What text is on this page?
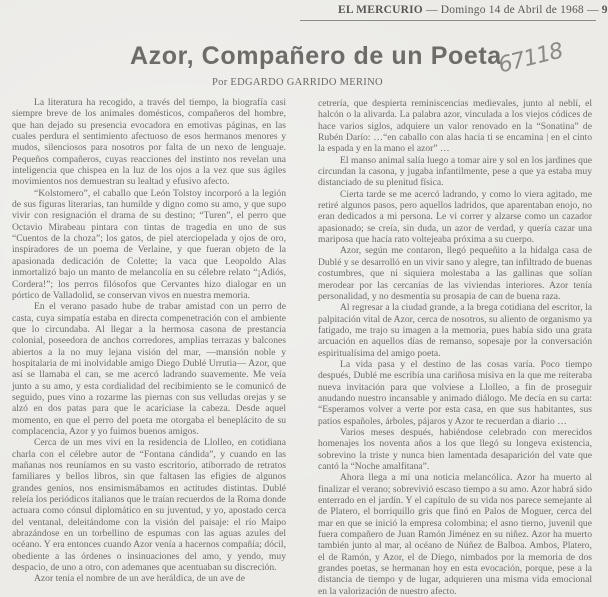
EL MERCURIO — Domingo 14 de Abril de 1968 — 9
Azor, Compañero de un Poeta
67118
Por EDGARDO GARRIDO MERINO

La literatura ha recogido, a través del tiempo, la biografía casi siempre breve de los animales domésticos, compañeros del hombre, que han dejado su presencia evocadora en emotivas páginas, en las cuales perdura el sentimiento afectuoso de esos hermanos menores y mudos, silenciosos para nosotros por falta de un nexo de lenguaje. Pequeños compañeros, cuyas reacciones del instinto nos revelan una inteligencia que chispea en la luz de los ojos a la vez que sus ágiles movimientos nos demuestran su lealtad y efusivo afecto.

“Kolstomero”, el caballo que León Tolstoy incorporó a la legión de sus figuras literarias, tan humilde y digno como su amo, y que supo vivir con resignación el drama de su destino; “Turen”, el perro que Octavio Mirabeau pintara con tintas de tragedia en uno de sus “Cuentos de la choza”; los gatos, de piel aterciopelada y ojos de oro, inspiradores de un poema de Verlaine, y que fueran objeto de la apasionada dedicación de Colette; la vaca que Leopoldo Alas inmortalizó bajo un manto de melancolía en su célebre relato “¡Adiós, Cordera!”; los perros filósofos que Cervantes hizo dialogar en un pórtico de Valladolid, se conservan vivos en nuestra memoria.

En el verano pasado hube de trabar amistad con un perro de casta, cuya simpatía estaba en directa compenetración con el ambiente que lo circundaba. Al llegar a la hermosa casona de prestancia colonial, poseedora de anchos corredores, amplias terrazas y balcones abiertos a la no muy lejana visión del mar, —mansión noble y hospitalaria de mi inolvidable amigo Diego Dublé Urrutia— Azor, que así se llamaba el can, se me acercó ladrando suavemente. Me veía junto a su amo, y esta cordialidad del recibimiento se le comunicó de seguido, pues vino a rozarme las piernas con sus velludas orejas y se alzó en dos patas para que le acariciase la cabeza. Desde aquel momento, en que el perro del poeta me otorgaba el beneplácito de su complacencia, Azor y yo fuimos buenos amigos.

Cerca de un mes viví en la residencia de Llolleo, en cotidiana charla con el célebre autor de “Fontana cándida”, y cuando en las mañanas nos reuníamos en su vasto escritorio, atiborrado de retratos familiares y bellos libros, sin que faltasen las efigies de algunos grandes genios, nos ensimismábamos en actitudes distintas. Dublé releía los periódicos italianos que le traían recuerdos de la Roma donde actuara como cónsul diplomático en su juventud, y yo, apostado cerca del ventanal, deleitándome con la visión del paisaje: el río Maipo abrazándose en un torbellino de espumas con las aguas azules del océano. Y era entonces cuando Azor venía a hacernos compañía; dócil, obediente a las órdenes o insinuaciones del amo, y yendo, muy despacio, de uno a otro, con ademanes que acentuaban su discreción.

Azor tenía el nombre de un ave heráldica, de un ave de

cetrería, que despierta reminiscencias medievales, junto al neblí, el halcón o la alivarda. La palabra azor, vinculada a los viejos códices de hace varios siglos, adquiere un valor renovado en la “Sonatina” de Rubén Darío: …“en caballo con alas hacia ti se encamina | en el cinto la espada y en la mano el azor” …

El manso animal salía luego a tomar aire y sol en los jardines que circundan la casona, y jugaba infantilmente, pese a que ya estaba muy distanciado de su plenitud física.

Cierta tarde se me acercó ladrando, y como lo viera agitado, me retiré algunos pasos, pero aquellos ladridos, que aparentaban enojo, no eran dedicados a mi persona. Le vi correr y alzarse como un cazador apasionado; se creía, sin duda, un azor de verdad, y quería cazar una mariposa que hacía rato voltejeaba próxima a su cuerpo.

Azor, según me contaron, llegó pequeñito a la hidalga casa de Dublé y se desarrolló en un vivir sano y alegre, tan infiltrado de buenas costumbres, que ni siquiera molestaba a las gallinas que solían merodear por las cercanías de las viviendas interiores. Azor tenía personalidad, y no desmentía su prosapia de can de buena raza.

Al regresar a la ciudad grande, a la brega cotidiana del escritor, la palpitación vital de Azor, cerca de nosotros, su aliento de organismo ya fatigado, me trajo su imagen a la memoria, pues había sido una grata arcuación en aquellos días de remanso, sopesaje por la conversación espiritualísima del amigo poeta.

La vida pasa y el destino de las cosas varía. Poco tiempo después, Dublé me escribía una cariñosa misiva en la que me reiteraba nueva invitación para que volviese a Llolleo, a fin de proseguir anudando nuestro incansable y animado diálogo. Me decía en su carta: “Esperamos volver a verte por esta casa, en que sus habitantes, sus patios españoles, árboles, pájaros y Azor te recuerdan a diario …

Varios meses después, habiéndose celebrado con merecidos homenajes los noventa años a los que llegó su longeva existencia, sobrevino la triste y nunca bien lamentada desaparición del vate que cantó la “Noche amalfitana”.

Ahora llega a mí una noticia melancólica. Azor ha muerto al finalizar el verano; sobrevivió escaso tiempo a su amo. Azor habrá sido enterrado en el jardín. Y el capítulo de su vida nos parece semejante al de Platero, el borriquillo gris que finó en Palos de Moguer, cerca del mar en que se inició la empresa colombina; el asno tierno, juvenil que fuera compañero de Juan Ramón Jiménez en su niñez. Azor ha muerto también junto al mar, al océano de Núñez de Balboa. Ambos, Platero, el de Ramón, y Azor, el de Diego, nimbados por la memoria de dos grandes poetas, se hermanan hoy en esta evocación, porque, pese a la distancia de tiempo y de lugar, adquieren una misma vida emocional en la valorización de nuestro afecto.
